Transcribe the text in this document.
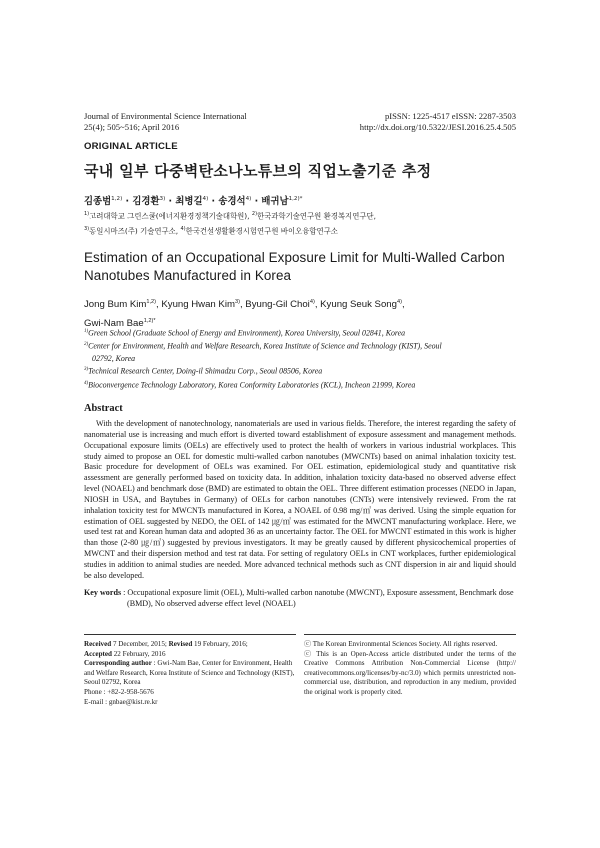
Journal of Environmental Science International
25(4); 505~516; April 2016
pISSN: 1225-4517 eISSN: 2287-3503
http://dx.doi.org/10.5322/JESI.2016.25.4.505
ORIGINAL ARTICLE
국내 일부 다중벽탄소나노튜브의 직업노출기준 추정
김종범$^{1,2)}$ · 김경환$^{3)}$ · 최병길$^{4)}$ · 송경석$^{4)}$ · 배귀남$^{1,2)*}$
$^{1)}$고려대학교 그린스쿨(에너지환경정책기술대학원), $^{2)}$한국과학기술연구원 환경복지연구단,
$^{3)}$동일시마즈(주) 기술연구소, $^{4)}$한국건설생활환경시험연구원 바이오융합연구소
Estimation of an Occupational Exposure Limit for Multi-Walled Carbon Nanotubes Manufactured in Korea
Jong Bum Kim$^{1,2)}$, Kyung Hwan Kim$^{3)}$, Byung-Gil Choi$^{4)}$, Kyung Seuk Song$^{4)}$,
Gwi-Nam Bae$^{1,2)*}$
$^{1)}$Green School (Graduate School of Energy and Environment), Korea University, Seoul 02841, Korea
$^{2)}$Center for Environment, Health and Welfare Research, Korea Institute of Science and Technology (KIST), Seoul
02792, Korea
$^{3)}$Technical Research Center, Doing-il Shimadzu Corp., Seoul 08506, Korea
$^{4)}$Bioconvergence Technology Laboratory, Korea Conformity Laboratories (KCL), Incheon 21999, Korea
Abstract

With the development of nanotechnology, nanomaterials are used in various fields. Therefore, the interest regarding the safety of nanomaterial use is increasing and much effort is diverted toward establishment of exposure assessment and management methods. Occupational exposure limits (OELs) are effectively used to protect the health of workers in various industrial workplaces. This study aimed to propose an OEL for domestic multi-walled carbon nanotubes (MWCNTs) based on animal inhalation toxicity test. Basic procedure for development of OELs was examined. For OEL estimation, epidemiological study and quantitative risk assessment are generally performed based on toxicity data. In addition, inhalation toxicity data-based no observed adverse effect level (NOAEL) and benchmark dose (BMD) are estimated to obtain the OEL. Three different estimation processes (NEDO in Japan, NIOSH in USA, and Baytubes in Germany) of OELs for carbon nanotubes (CNTs) were intensively reviewed. From the rat inhalation toxicity test for MWCNTs manufactured in Korea, a NOAEL of 0.98 mg/㎥ was derived. Using the simple equation for estimation of OEL suggested by NEDO, the OEL of 142 ㎍/㎥ was estimated for the MWCNT manufacturing workplace. Here, we used test rat and Korean human data and adopted 36 as an uncertainty factor. The OEL for MWCNT estimated in this work is higher than those (2-80 ㎍/㎥) suggested by previous investigators. It may be greatly caused by different physicochemical properties of MWCNT and their dispersion method and test rat data. For setting of regulatory OELs in CNT workplaces, further epidemiological studies in addition to animal studies are needed. More advanced technical methods such as CNT dispersion in air and liquid should be also developed.

Key words : Occupational exposure limit (OEL), Multi-walled carbon nanotube (MWCNT), Exposure assessment, Benchmark dose (BMD), No observed adverse effect level (NOAEL)
Received 7 December, 2015; Revised 19 February, 2016;
Accepted 22 February, 2016
Corresponding author : Gwi-Nam Bae, Center for Environment, Health and Welfare Research, Korea Institute of Science and Technology (KIST), Seoul 02792, Korea
Phone : +82-2-958-5676
E-mail : gnbae@kist.re.kr
ⓒ The Korean Environmental Sciences Society. All rights reserved.
ⓒ This is an Open-Access article distributed under the terms of the Creative Commons Attribution Non-Commercial License (http:// creativecommons.org/licenses/by-nc/3.0) which permits unrestricted non-commercial use, distribution, and reproduction in any medium, provided the original work is properly cited.
